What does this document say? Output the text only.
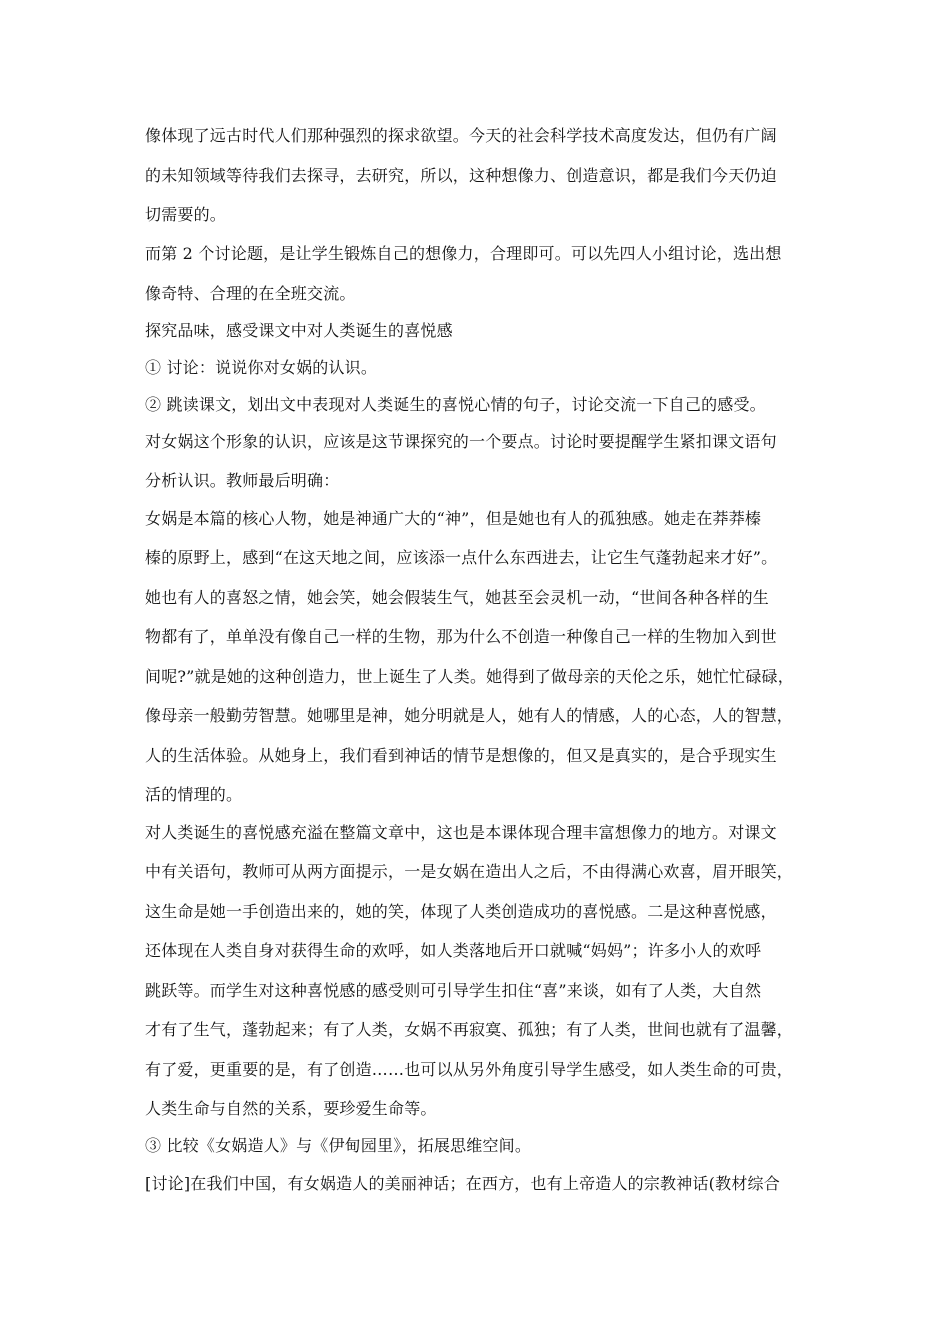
像体现了远古时代人们那种强烈的探求欲望。今天的社会科学技术高度发达，但仍有广阔
的未知领域等待我们去探寻，去研究，所以，这种想像力、创造意识，都是我们今天仍迫
切需要的。
而第 2 个讨论题，是让学生锻炼自己的想像力，合理即可。可以先四人小组讨论，选出想
像奇特、合理的在全班交流。
探究品味，感受课文中对人类诞生的喜悦感
① 讨论：说说你对女娲的认识。
② 跳读课文，划出文中表现对人类诞生的喜悦心情的句子，讨论交流一下自己的感受。
对女娲这个形象的认识，应该是这节课探究的一个要点。讨论时要提醒学生紧扣课文语句
分析认识。教师最后明确：
女娲是本篇的核心人物，她是神通广大的“神”，但是她也有人的孤独感。她走在莽莽榛
榛的原野上，感到“在这天地之间，应该添一点什么东西进去，让它生气蓬勃起来才好”。
她也有人的喜怒之情，她会笑，她会假装生气，她甚至会灵机一动，“世间各种各样的生
物都有了，单单没有像自己一样的生物，那为什么不创造一种像自己一样的生物加入到世
间呢?”就是她的这种创造力，世上诞生了人类。她得到了做母亲的天伦之乐，她忙忙碌碌，
像母亲一般勤劳智慧。她哪里是神，她分明就是人，她有人的情感，人的心态，人的智慧，
人的生活体验。从她身上，我们看到神话的情节是想像的，但又是真实的，是合乎现实生
活的情理的。
对人类诞生的喜悦感充溢在整篇文章中，这也是本课体现合理丰富想像力的地方。对课文
中有关语句，教师可从两方面提示，一是女娲在造出人之后，不由得满心欢喜，眉开眼笑，
这生命是她一手创造出来的，她的笑，体现了人类创造成功的喜悦感。二是这种喜悦感，
还体现在人类自身对获得生命的欢呼，如人类落地后开口就喊“妈妈”；许多小人的欢呼
跳跃等。而学生对这种喜悦感的感受则可引导学生扣住“喜”来谈，如有了人类，大自然
才有了生气，蓬勃起来；有了人类，女娲不再寂寞、孤独；有了人类，世间也就有了温馨，
有了爱，更重要的是，有了创造……也可以从另外角度引导学生感受，如人类生命的可贵，
人类生命与自然的关系，要珍爱生命等。
③ 比较《女娲造人》与《伊甸园里》，拓展思维空间。
[讨论]在我们中国，有女娲造人的美丽神话；在西方，也有上帝造人的宗教神话(教材综合
